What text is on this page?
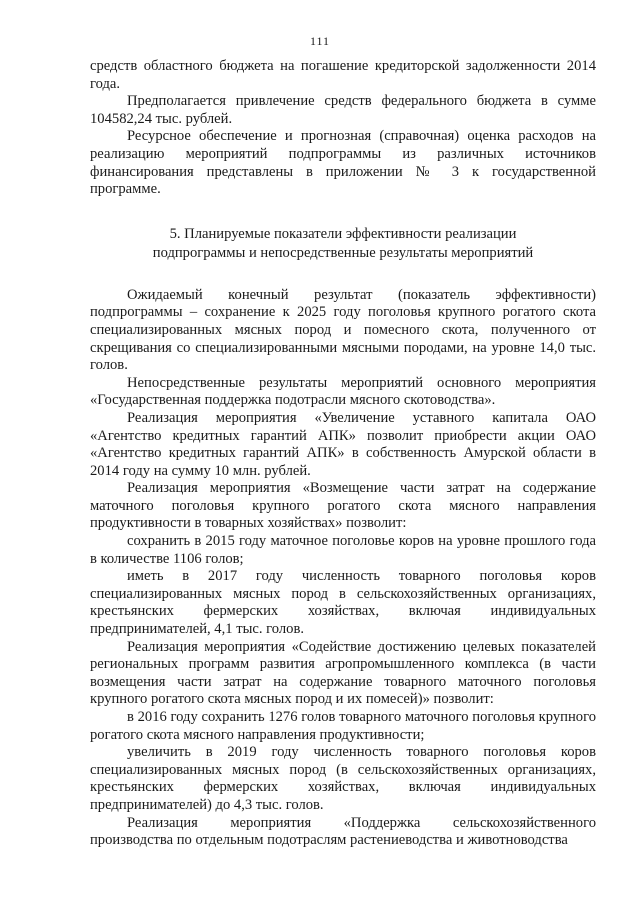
111

средств областного бюджета на погашение кредиторской задолженности 2014 года.

Предполагается привлечение средств федерального бюджета в сумме 104582,24 тыс. рублей.

Ресурсное обеспечение и прогнозная (справочная) оценка расходов на реализацию мероприятий подпрограммы из различных источников финансирования представлены в приложении № 3 к государственной программе.

5. Планируемые показатели эффективности реализации
подпрограммы и непосредственные результаты мероприятий

Ожидаемый конечный результат (показатель эффективности) подпрограммы – сохранение к 2025 году поголовья крупного рогатого скота специализированных мясных пород и помесного скота, полученного от скрещивания со специализированными мясными породами, на уровне 14,0 тыс. голов.

Непосредственные результаты мероприятий основного мероприятия «Государственная поддержка подотрасли мясного скотоводства».

Реализация мероприятия «Увеличение уставного капитала ОАО «Агентство кредитных гарантий АПК» позволит приобрести акции ОАО «Агентство кредитных гарантий АПК» в собственность Амурской области в 2014 году на сумму 10 млн. рублей.

Реализация мероприятия «Возмещение части затрат на содержание маточного поголовья крупного рогатого скота мясного направления продуктивности в товарных хозяйствах» позволит:

сохранить в 2015 году маточное поголовье коров на уровне прошлого года в количестве 1106 голов;

иметь в 2017 году численность товарного поголовья коров специализированных мясных пород в сельскохозяйственных организациях, крестьянских фермерских хозяйствах, включая индивидуальных предпринимателей, 4,1 тыс. голов.

Реализация мероприятия «Содействие достижению целевых показателей региональных программ развития агропромышленного комплекса (в части возмещения части затрат на содержание товарного маточного поголовья крупного рогатого скота мясных пород и их помесей)» позволит:

в 2016 году сохранить 1276 голов товарного маточного поголовья крупного рогатого скота мясного направления продуктивности;

увеличить в 2019 году численность товарного поголовья коров специализированных мясных пород (в сельскохозяйственных организациях, крестьянских фермерских хозяйствах, включая индивидуальных предпринимателей) до 4,3 тыс. голов.

Реализация мероприятия «Поддержка сельскохозяйственного производства по отдельным подотраслям растениеводства и животноводства
